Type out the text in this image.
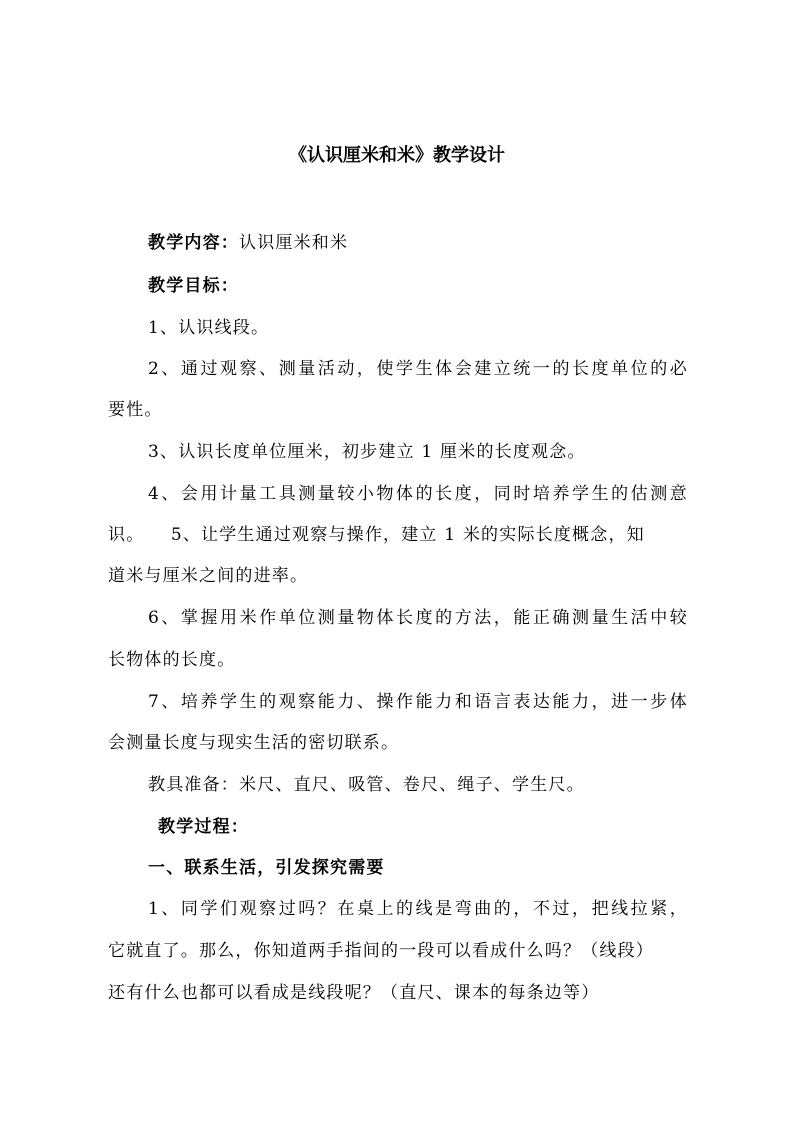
《认识厘米和米》教学设计
教学内容：认识厘米和米
教学目标：
1、认识线段。
2、通过观察、测量活动，使学生体会建立统一的长度单位的必
要性。
3、认识长度单位厘米，初步建立 1 厘米的长度观念。
4、会用计量工具测量较小物体的长度，同时培养学生的估测意
识。    5、让学生通过观察与操作，建立 1 米的实际长度概念，知
道米与厘米之间的进率。
6、掌握用米作单位测量物体长度的方法，能正确测量生活中较
长物体的长度。
7、培养学生的观察能力、操作能力和语言表达能力，进一步体
会测量长度与现实生活的密切联系。
教具准备：米尺、直尺、吸管、卷尺、绳子、学生尺。
教学过程：
一、联系生活，引发探究需要
1、同学们观察过吗？在桌上的线是弯曲的，不过，把线拉紧，
它就直了。那么，你知道两手指间的一段可以看成什么吗？（线段）
还有什么也都可以看成是线段呢？（直尺、课本的每条边等）
